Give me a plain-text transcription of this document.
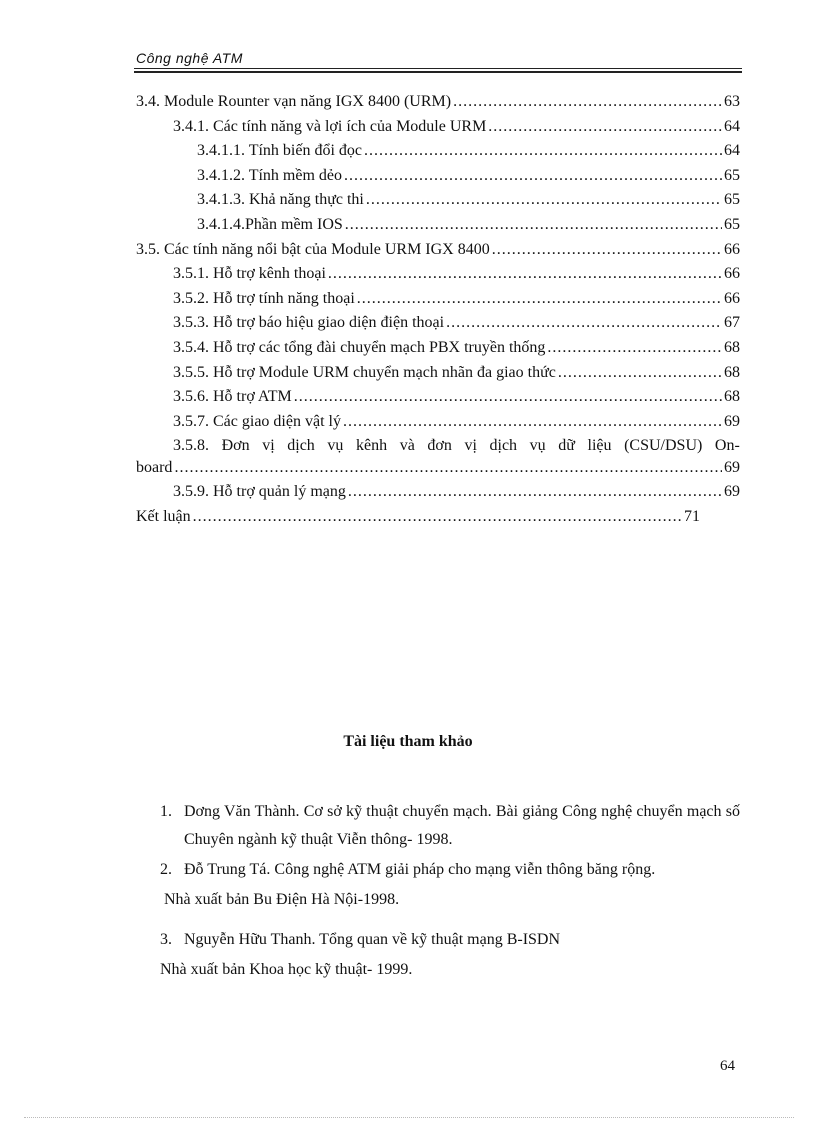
Công nghệ ATM
3.4. Module Rounter vạn năng IGX 8400 (URM) .....	63
3.4.1. Các tính năng và lợi ích của Module URM .....	64
3.4.1.1. Tính biến đổi đọc .....	64
3.4.1.2. Tính mềm dẻo .....	65
3.4.1.3. Khả năng thực thi .....	65
3.4.1.4.Phần mềm IOS .....	65
3.5. Các tính năng nổi bật của Module URM IGX 8400 .....	66
3.5.1. Hỗ trợ kênh thoại .....	66
3.5.2. Hỗ trợ tính năng thoại .....	66
3.5.3. Hỗ trợ báo hiệu giao diện điện thoại .....	67
3.5.4. Hỗ trợ các tổng đài chuyển mạch PBX truyền thống .....	68
3.5.5. Hỗ trợ Module URM chuyển mạch nhãn đa giao thức .....	68
3.5.6. Hỗ trợ ATM .....	68
3.5.7. Các giao diện vật lý .....	69
3.5.8. Đơn vị dịch vụ kênh và đơn vị dịch vụ dữ liệu (CSU/DSU) On-
board .....	69
3.5.9. Hỗ trợ quản lý mạng .....	69
Kết luận .....	71
Tài liệu tham khảo
1. Dơng Văn Thành. Cơ sở kỹ thuật chuyển mạch. Bài giảng Công nghệ chuyển mạch số Chuyên ngành kỹ thuật Viễn thông- 1998.
2. Đỗ Trung Tá. Công nghệ ATM giải pháp cho mạng viễn thông băng rộng.
Nhà xuất bản Bu Điện Hà Nội-1998.
3. Nguyễn Hữu Thanh. Tổng quan về kỹ thuật mạng B-ISDN
Nhà xuất bản Khoa học kỹ thuật- 1999.
64
